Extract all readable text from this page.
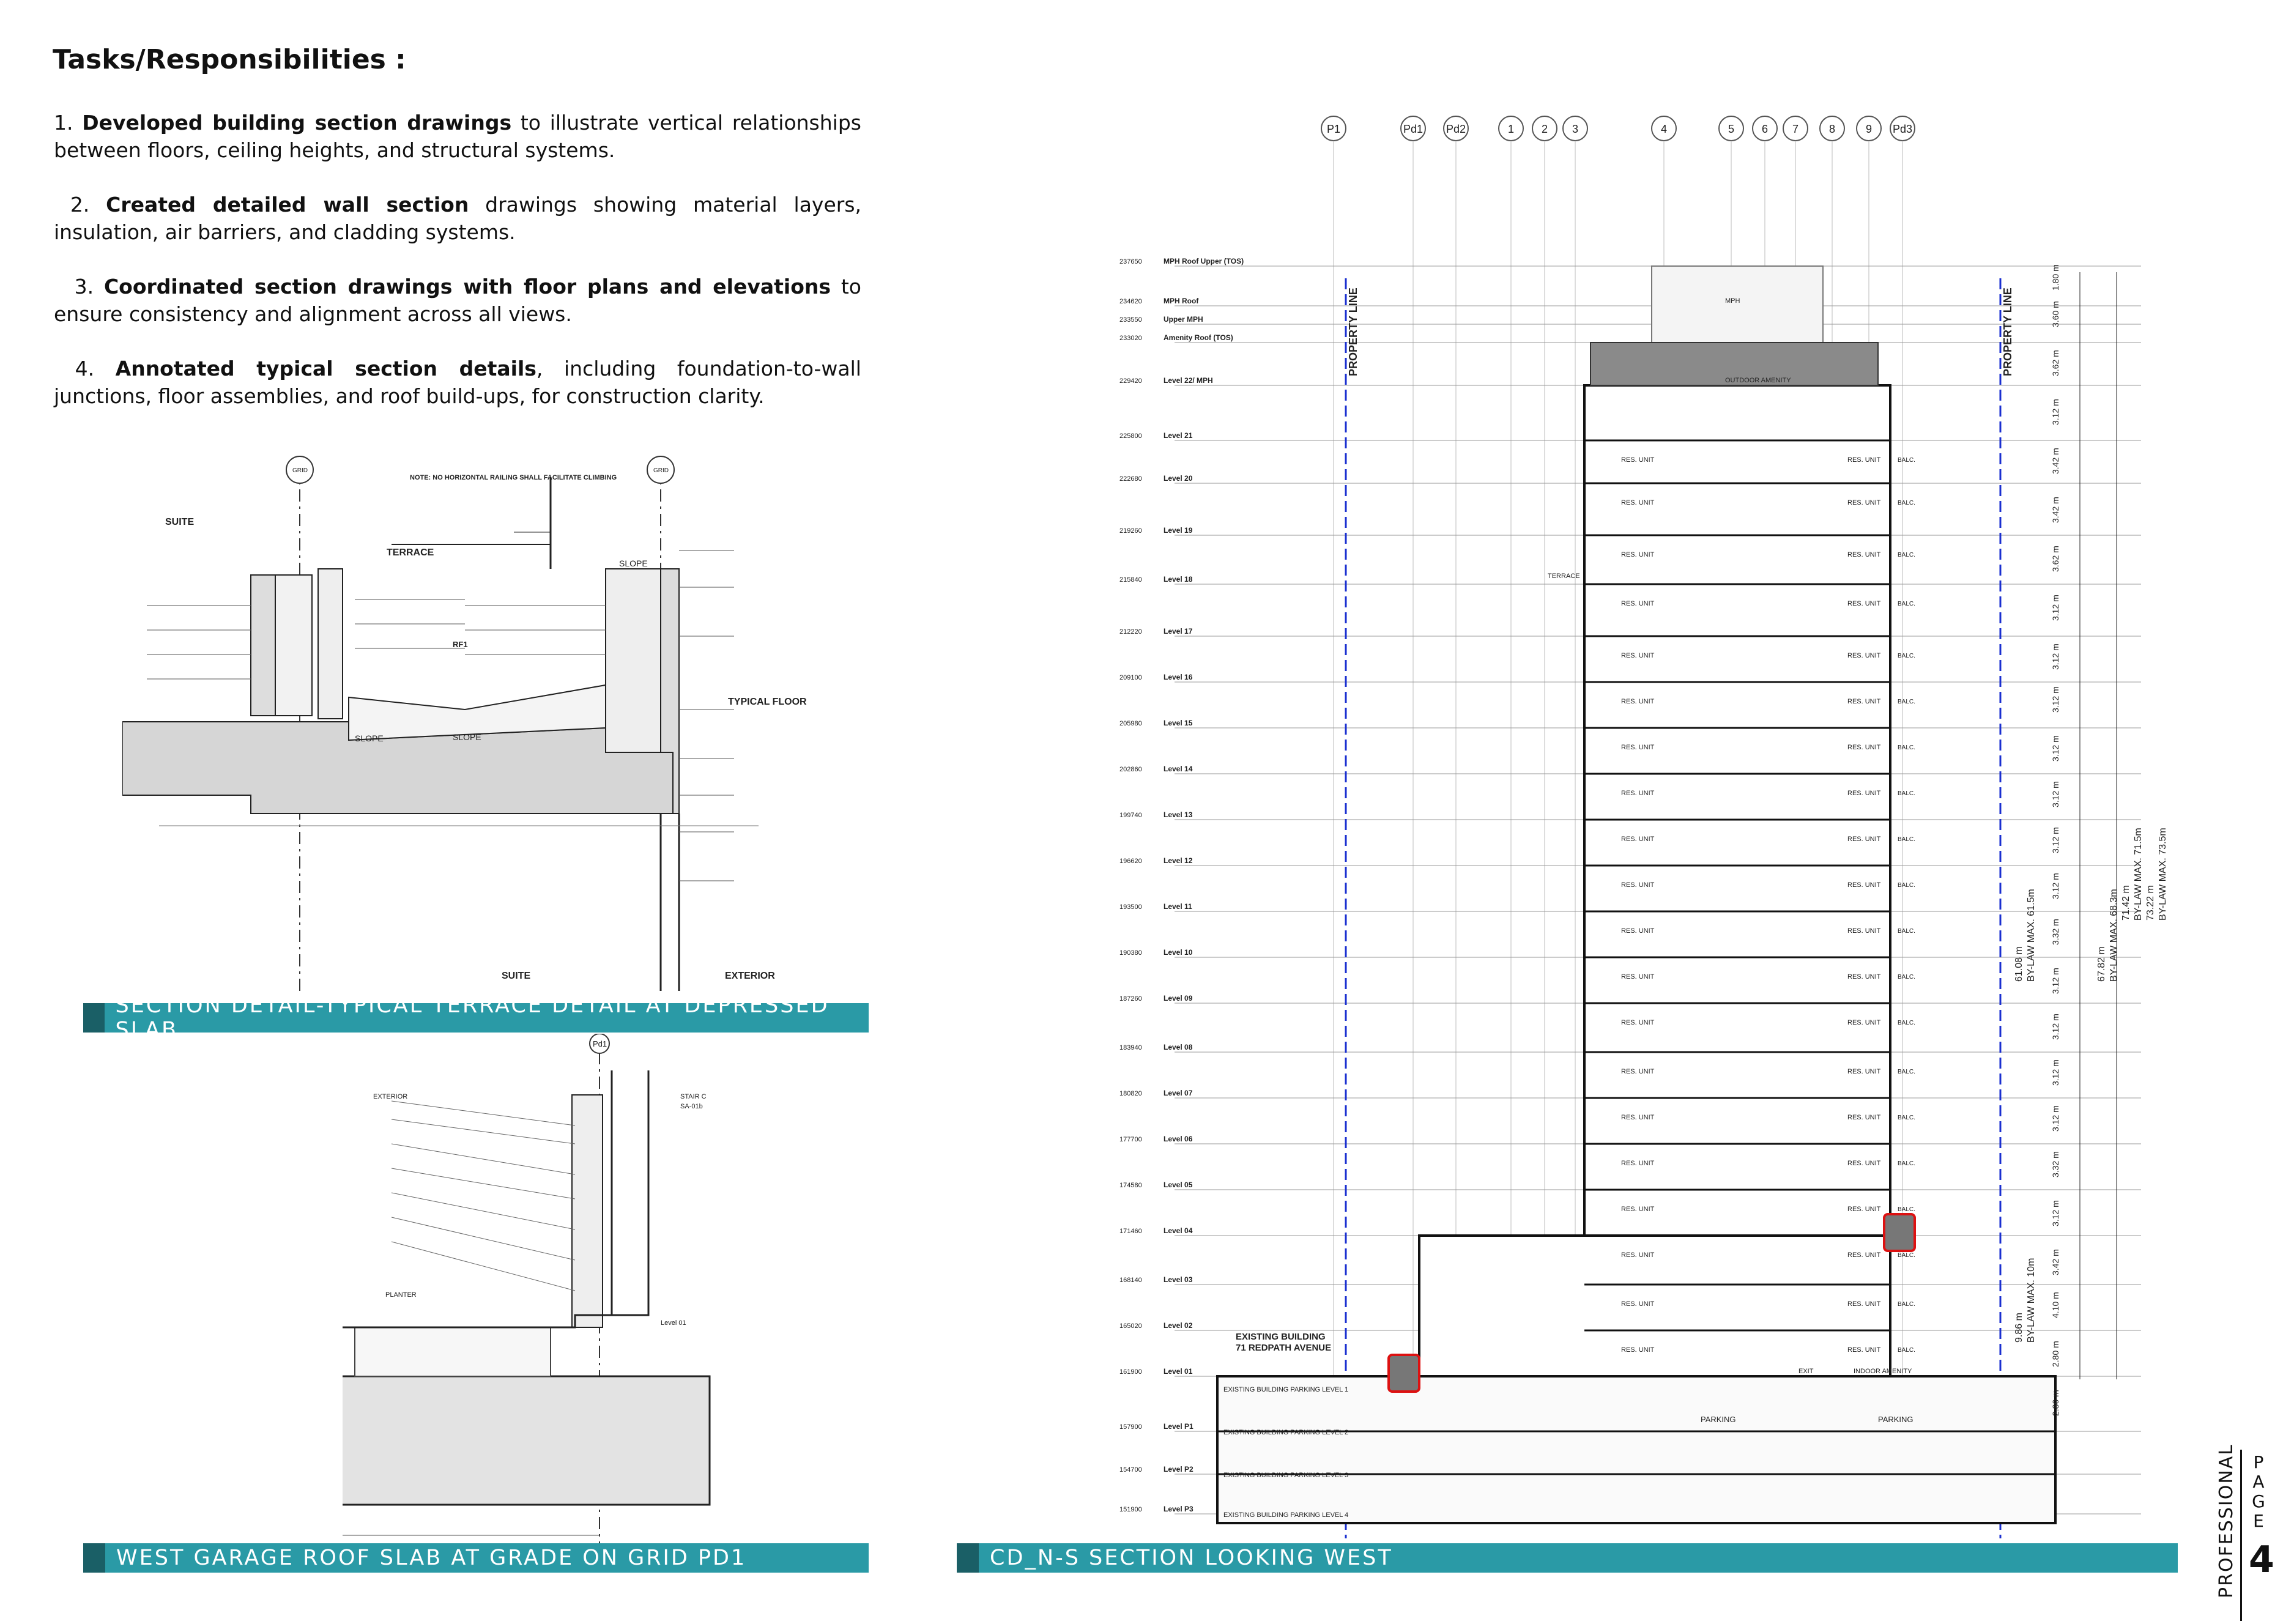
Tasks/Responsibilities :

1. Developed building section drawings to illustrate vertical relationships between floors, ceiling heights, and structural systems.

2. Created detailed wall section drawings showing material layers, insulation, air barriers, and cladding systems.

3. Coordinated section drawings with floor plans and elevations to ensure consistency and alignment across all views.

4. Annotated typical section details, including foundation-to-wall junctions, floor assemblies, and roof build-ups, for construction clarity.

SUITE
TERRACE
TYPICAL FLOOR
SUITE	EXTERIOR
NOTE: NO HORIZONTAL RAILING SHALL FACILITATE CLIMBING
SLOPE	SLOPE
SLOPE
GRID	GRID
RF1
SECTION DETAIL-TYPICAL TERRACE DETAIL AT DEPRESSED SLAB
Pd1
EXTERIOR	STAIR C
SA-01b
Level 01
PLANTER
WEST GARAGE ROOF SLAB AT GRADE ON GRID PD1
P1	Pd1 Pd2	1 2 3	4	5 6 7	8	9 Pd3
237650	MPH Roof Upper (TOS)
234620	MPH Roof
233550	Upper MPH
233020	Amenity Roof (TOS)
229420	Level 22/ MPH
225800	Level 21
222680	Level 20
219260	Level 19
215840	Level 18
212220	Level 17
209100	Level 16
205980	Level 15
202860	Level 14
199740	Level 13
196620	Level 12
193500	Level 11
190380	Level 10
187260	Level 09
183940	Level 08
180820	Level 07
177700	Level 06
174580	Level 05
171460	Level 04
168140	Level 03
165020	Level 02
161900	Level 01
157900	Level P1
154700	Level P2
151900	Level P3
PROPERTY LINE	PROPERTY LINE
RES. UNIT	RES. UNIT	BALC.
RES. UNIT	RES. UNIT	BALC.
RES. UNIT	RES. UNIT	BALC.
RES. UNIT	RES. UNIT	BALC.
RES. UNIT	RES. UNIT	BALC.
RES. UNIT	RES. UNIT	BALC.
RES. UNIT	RES. UNIT	BALC.
RES. UNIT	RES. UNIT	BALC.
RES. UNIT	RES. UNIT	BALC.
RES. UNIT	RES. UNIT	BALC.
RES. UNIT	RES. UNIT	BALC.
RES. UNIT	RES. UNIT	BALC.
RES. UNIT	RES. UNIT	BALC.
RES. UNIT	RES. UNIT	BALC.
RES. UNIT	RES. UNIT	BALC.
RES. UNIT	RES. UNIT	BALC.
RES. UNIT	RES. UNIT	BALC.
RES. UNIT	RES. UNIT	BALC.
RES. UNIT	RES. UNIT	BALC.
RES. UNIT	RES. UNIT	BALC.
PARKING	PARKING
OUTDOOR AMENITY
INDOOR AMENITY
EXIT
TERRACE
MPH
EXISTING BUILDING
71 REDPATH AVENUE
EXISTING BUILDING PARKING LEVEL 1
EXISTING BUILDING PARKING LEVEL 2
EXISTING BUILDING PARKING LEVEL 3
EXISTING BUILDING PARKING LEVEL 4
1.80 m
3.60 m
3.62 m
3.12 m
3.42 m
3.42 m
3.62 m
3.12 m
3.12 m
3.12 m
3.12 m
3.12 m
3.12 m
3.12 m
3.32 m
3.12 m
3.12 m
3.12 m
3.12 m
3.32 m
3.12 m
3.42 m
4.10 m
2.80 m
2.80 m
61.08 m BY-LAW MAX. 61.5m	67.82 m BY-LAW MAX. 68.3m 71.42 m BY-LAW MAX. 71.5m 73.22 m BY-LAW MAX. 73.5m
9.86 m BY-LAW MAX. 10m
CD_N-S SECTION LOOKING WEST	PROFESSIONAL PAGE
4
